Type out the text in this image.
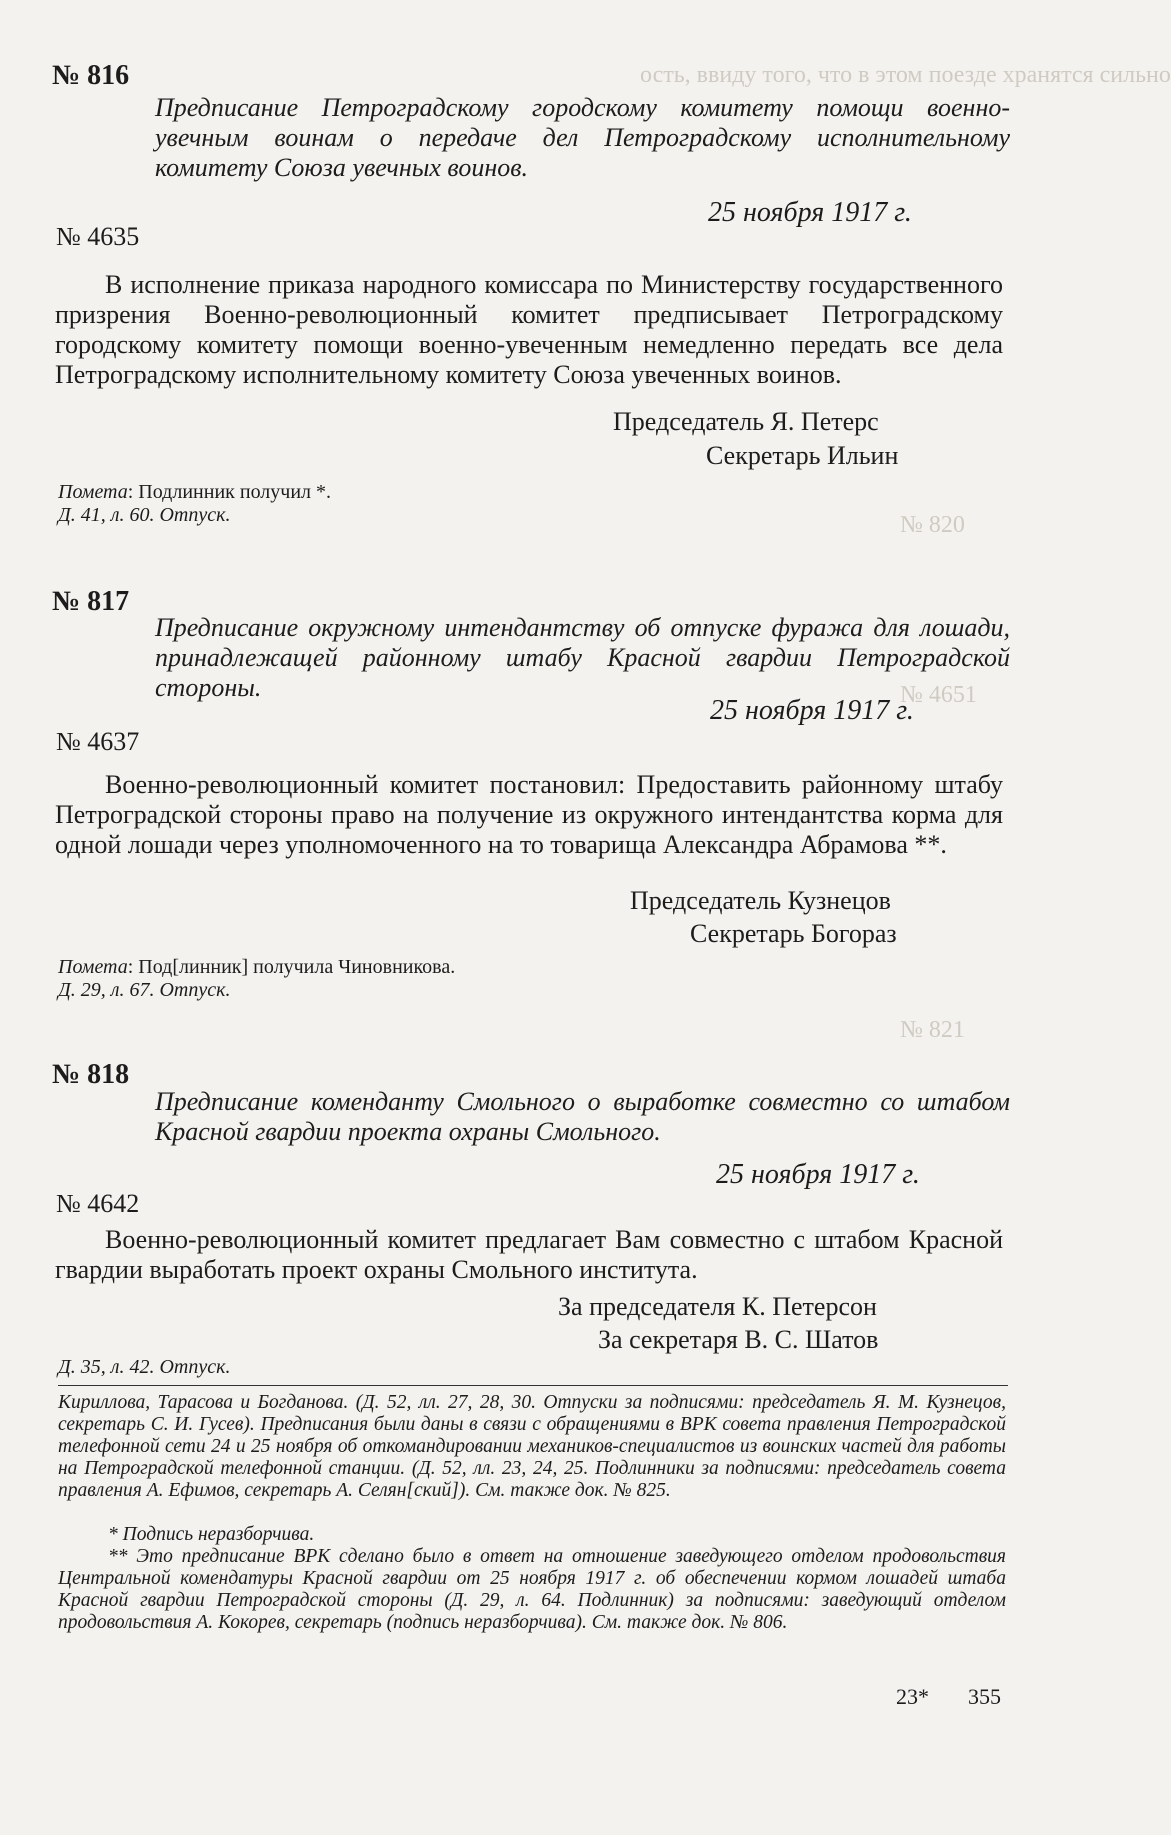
ость, ввиду того, что в этом поезде хранятся сильно
№ 820
№ 4651
№ 821
№ 816
Предписание Петроградскому городскому комитету помощи военно-увечным воинам о передаче дел Петроградскому исполнительному комитету Союза увечных воинов.
25 ноября 1917 г.
№ 4635
В исполнение приказа народного комиссара по Министерству государственного призрения Военно-революционный комитет предписывает Петроградскому городскому комитету помощи военно-увеченным немедленно передать все дела Петроградскому исполнительному комитету Союза увеченных воинов.
Председатель Я. Петерс
Секретарь Ильин
Помета: Подлинник получил *.
Д. 41, л. 60. Отпуск.
№ 817
Предписание окружному интендантству об отпуске фуража для лошади, принадлежащей районному штабу Красной гвардии Петроградской стороны.
25 ноября 1917 г.
№ 4637
Военно-революционный комитет постановил: Предоставить районному штабу Петроградской стороны право на получение из окружного интендантства корма для одной лошади через уполномоченного на то товарища Александра Абрамова **.
Председатель Кузнецов
Секретарь Богораз
Помета: Под[линник] получила Чиновникова.
Д. 29, л. 67. Отпуск.
№ 818
Предписание коменданту Смольного о выработке совместно со штабом Красной гвардии проекта охраны Смольного.
25 ноября 1917 г.
№ 4642
Военно-революционный комитет предлагает Вам совместно с штабом Красной гвардии выработать проект охраны Смольного института.
За председателя К. Петерсон
За секретаря В. С. Шатов
Д. 35, л. 42. Отпуск.
Кириллова, Тарасова и Богданова. (Д. 52, лл. 27, 28, 30. Отпуски за подписями: председатель Я. М. Кузнецов, секретарь С. И. Гусев). Предписания были даны в связи с обращениями в ВРК совета правления Петроградской телефонной сети 24 и 25 ноября об откомандировании механиков-специалистов из воинских частей для работы на Петроградской телефонной станции. (Д. 52, лл. 23, 24, 25. Подлинники за подписями: председатель совета правления А. Ефимов, секретарь А. Селян[ский]). См. также док. № 825.
* Подпись неразборчива.
** Это предписание ВРК сделано было в ответ на отношение заведующего отделом продовольствия Центральной комендатуры Красной гвардии от 25 ноября 1917 г. об обеспечении кормом лошадей штаба Красной гвардии Петроградской стороны (Д. 29, л. 64. Подлинник) за подписями: заведующий отделом продовольствия А. Кокорев, секретарь (подпись неразборчива). См. также док. № 806.
23* 355
